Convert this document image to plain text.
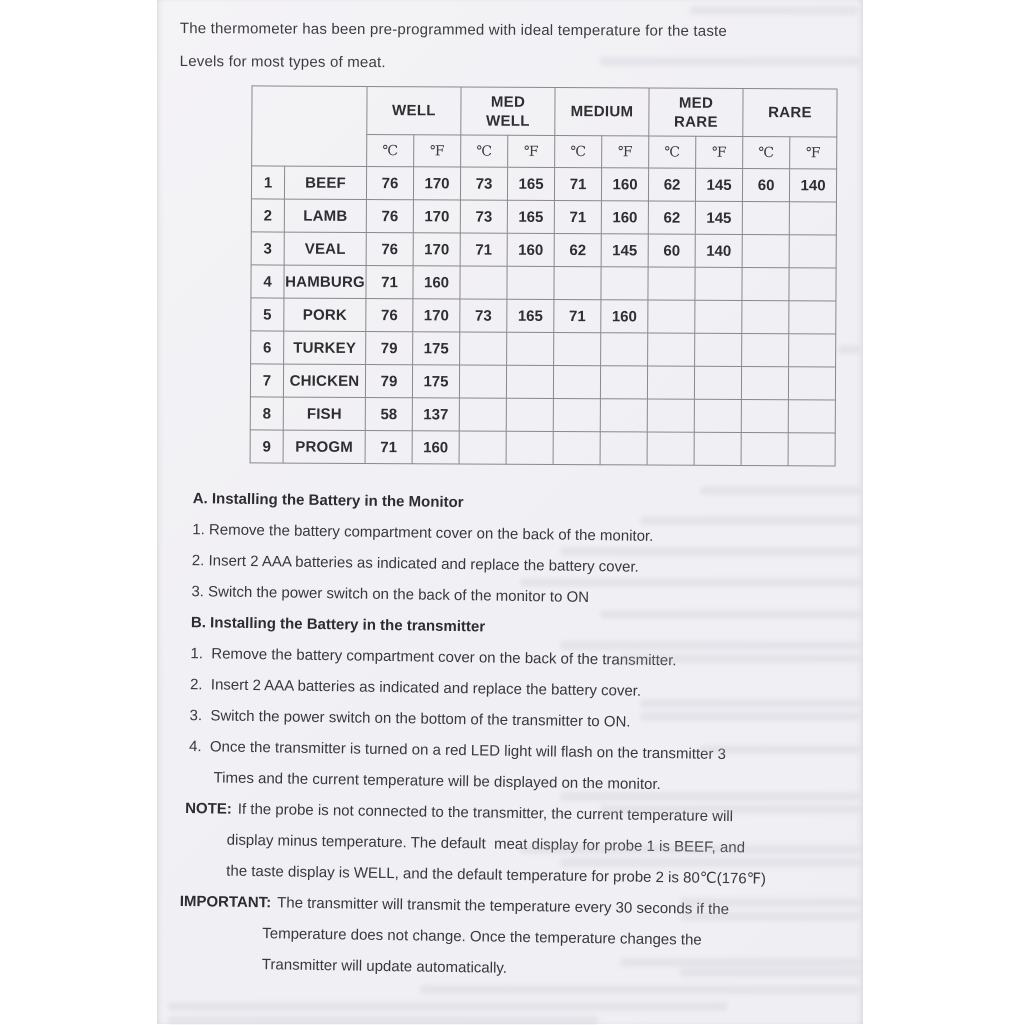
The thermometer has been pre-programmed with ideal temperature for the taste

Levels for most types of meat.

		WELL		MED
WELL		MEDIUM		MED
RARE		RARE	
		℃	℉	℃	℉	℃	℉	℃	℉	℃	℉
1	BEEF	76	170	73	165	71	160	62	145	60	140
2	LAMB	76	170	73	165	71	160	62	145		
3	VEAL	76	170	71	160	62	145	60	140		
4	HAMBURG	71	160								
5	PORK	76	170	73	165	71	160				
6	TURKEY	79	175								
7	CHICKEN	79	175								
8	FISH	58	137								
9	PROGM	71	160								

A. Installing the Battery in the Monitor

1. Remove the battery compartment cover on the back of the monitor.

2. Insert 2 AAA batteries as indicated and replace the battery cover.

3. Switch the power switch on the back of the monitor to ON

B. Installing the Battery in the transmitter

1.  Remove the battery compartment cover on the back of the transmitter.

2.  Insert 2 AAA batteries as indicated and replace the battery cover.

3.  Switch the power switch on the bottom of the transmitter to ON.

4.  Once the transmitter is turned on a red LED light will flash on the transmitter 3

Times and the current temperature will be displayed on the monitor.

NOTE: If the probe is not connected to the transmitter, the current temperature will

display minus temperature. The default  meat display for probe 1 is BEEF, and

the taste display is WELL, and the default temperature for probe 2 is 80℃(176℉)

IMPORTANT: The transmitter will transmit the temperature every 30 seconds if the

Temperature does not change. Once the temperature changes the

Transmitter will update automatically.
